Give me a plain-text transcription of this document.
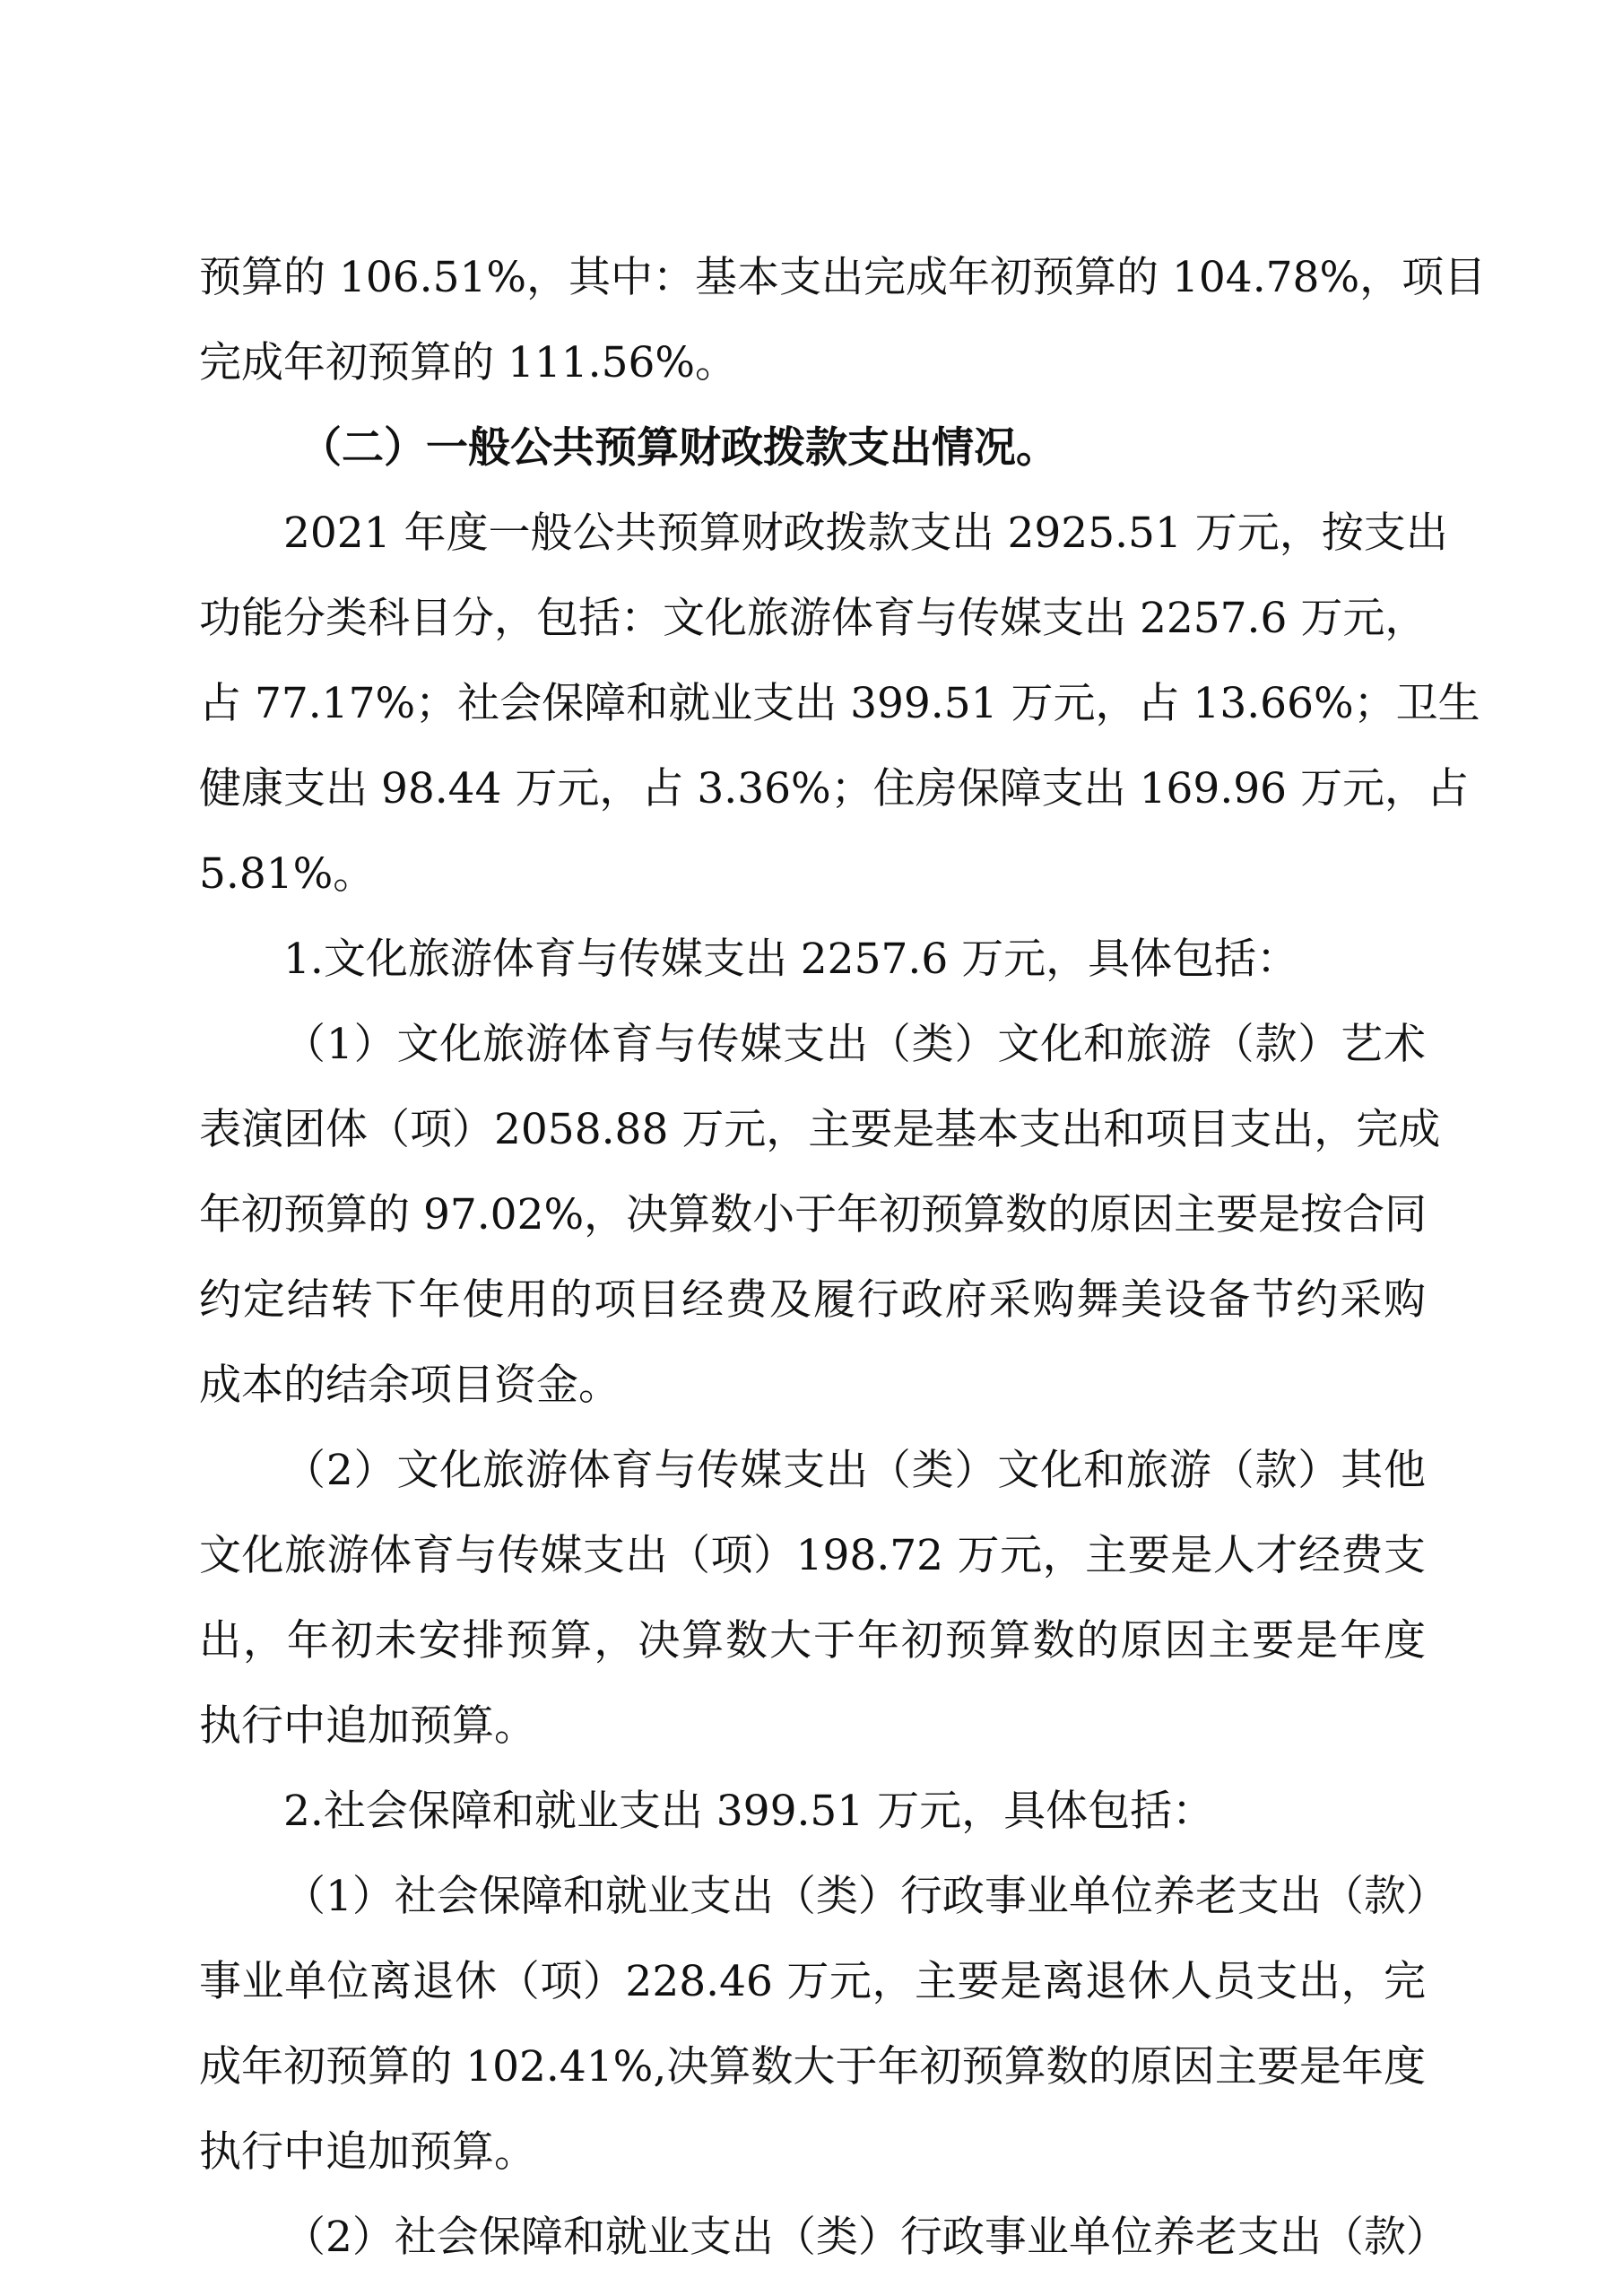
预算的 106.51%，其中：基本支出完成年初预算的 104.78%，项目
完成年初预算的 111.56%。
（二）一般公共预算财政拨款支出情况。
2021 年度一般公共预算财政拨款支出 2925.51 万元，按支出
功能分类科目分，包括：文化旅游体育与传媒支出 2257.6 万元，
占 77.17%；社会保障和就业支出 399.51 万元，占 13.66%；卫生
健康支出 98.44 万元，占 3.36%；住房保障支出 169.96 万元，占
5.81%。
1.文化旅游体育与传媒支出 2257.6 万元，具体包括：
（1）文化旅游体育与传媒支出（类）文化和旅游（款）艺术
表演团体（项）2058.88 万元，主要是基本支出和项目支出，完成
年初预算的 97.02%，决算数小于年初预算数的原因主要是按合同
约定结转下年使用的项目经费及履行政府采购舞美设备节约采购
成本的结余项目资金。
（2）文化旅游体育与传媒支出（类）文化和旅游（款）其他
文化旅游体育与传媒支出（项）198.72 万元，主要是人才经费支
出，年初未安排预算，决算数大于年初预算数的原因主要是年度
执行中追加预算。
2.社会保障和就业支出 399.51 万元，具体包括：
（1）社会保障和就业支出（类）行政事业单位养老支出（款）
事业单位离退休（项）228.46 万元，主要是离退休人员支出，完
成年初预算的 102.41%,决算数大于年初预算数的原因主要是年度
执行中追加预算。
（2）社会保障和就业支出（类）行政事业单位养老支出（款）
